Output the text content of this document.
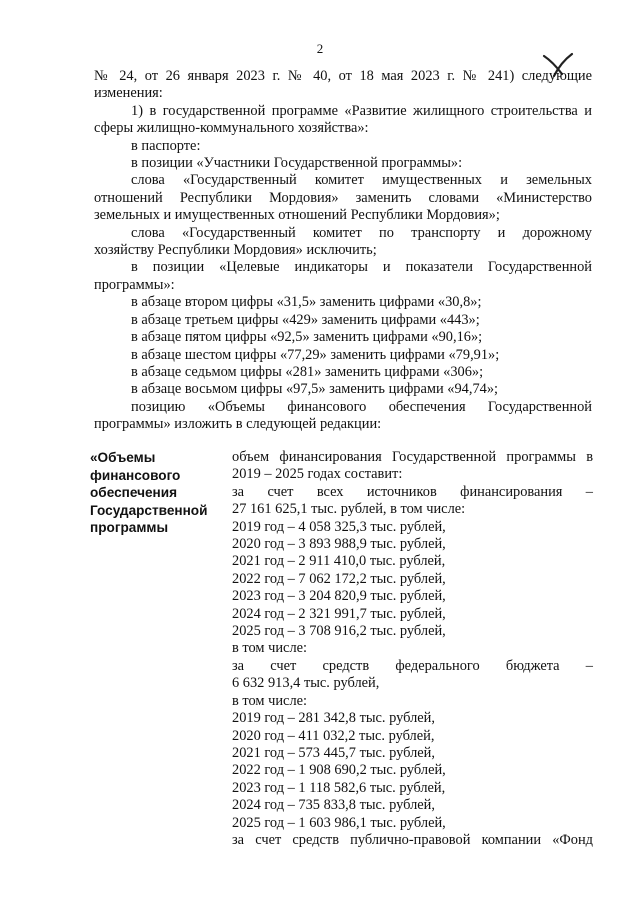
2
№ 24, от 26 января 2023 г. № 40, от 18 мая 2023 г. № 241) следующие
изменения:
1) в государственной программе «Развитие жилищного строительства и
сферы жилищно-коммунального хозяйства»:
в паспорте:
в позиции «Участники Государственной программы»:
слова «Государственный комитет имущественных и земельных
отношений Республики Мордовия» заменить словами «Министерство
земельных и имущественных отношений Республики Мордовия»;
слова «Государственный комитет по транспорту и дорожному
хозяйству Республики Мордовия» исключить;
в позиции «Целевые индикаторы и показатели Государственной
программы»:
в абзаце втором цифры «31,5» заменить цифрами «30,8»;
в абзаце третьем цифры «429» заменить цифрами «443»;
в абзаце пятом цифры «92,5» заменить цифрами «90,16»;
в абзаце шестом цифры «77,29» заменить цифрами «79,91»;
в абзаце седьмом цифры «281» заменить цифрами «306»;
в абзаце восьмом цифры «97,5» заменить цифрами «94,74»;
позицию «Объемы финансового обеспечения Государственной
программы» изложить в следующей редакции:
«Объемы
финансового
обеспечения
Государственной
программы
объем финансирования Государственной программы в
2019 – 2025 годах составит:
за счет всех источников финансирования –
27 161 625,1 тыс. рублей, в том числе:
2019 год – 4 058 325,3 тыс. рублей,
2020 год – 3 893 988,9 тыс. рублей,
2021 год – 2 911 410,0 тыс. рублей,
2022 год – 7 062 172,2 тыс. рублей,
2023 год – 3 204 820,9 тыс. рублей,
2024 год – 2 321 991,7 тыс. рублей,
2025 год – 3 708 916,2 тыс. рублей,
в том числе:
за счет средств федерального бюджета –
6 632 913,4 тыс. рублей,
в том числе:
2019 год – 281 342,8 тыс. рублей,
2020 год – 411 032,2 тыс. рублей,
2021 год – 573 445,7 тыс. рублей,
2022 год – 1 908 690,2 тыс. рублей,
2023 год – 1 118 582,6 тыс. рублей,
2024 год – 735 833,8 тыс. рублей,
2025 год – 1 603 986,1 тыс. рублей,
за счет средств публично-правовой компании «Фонд
